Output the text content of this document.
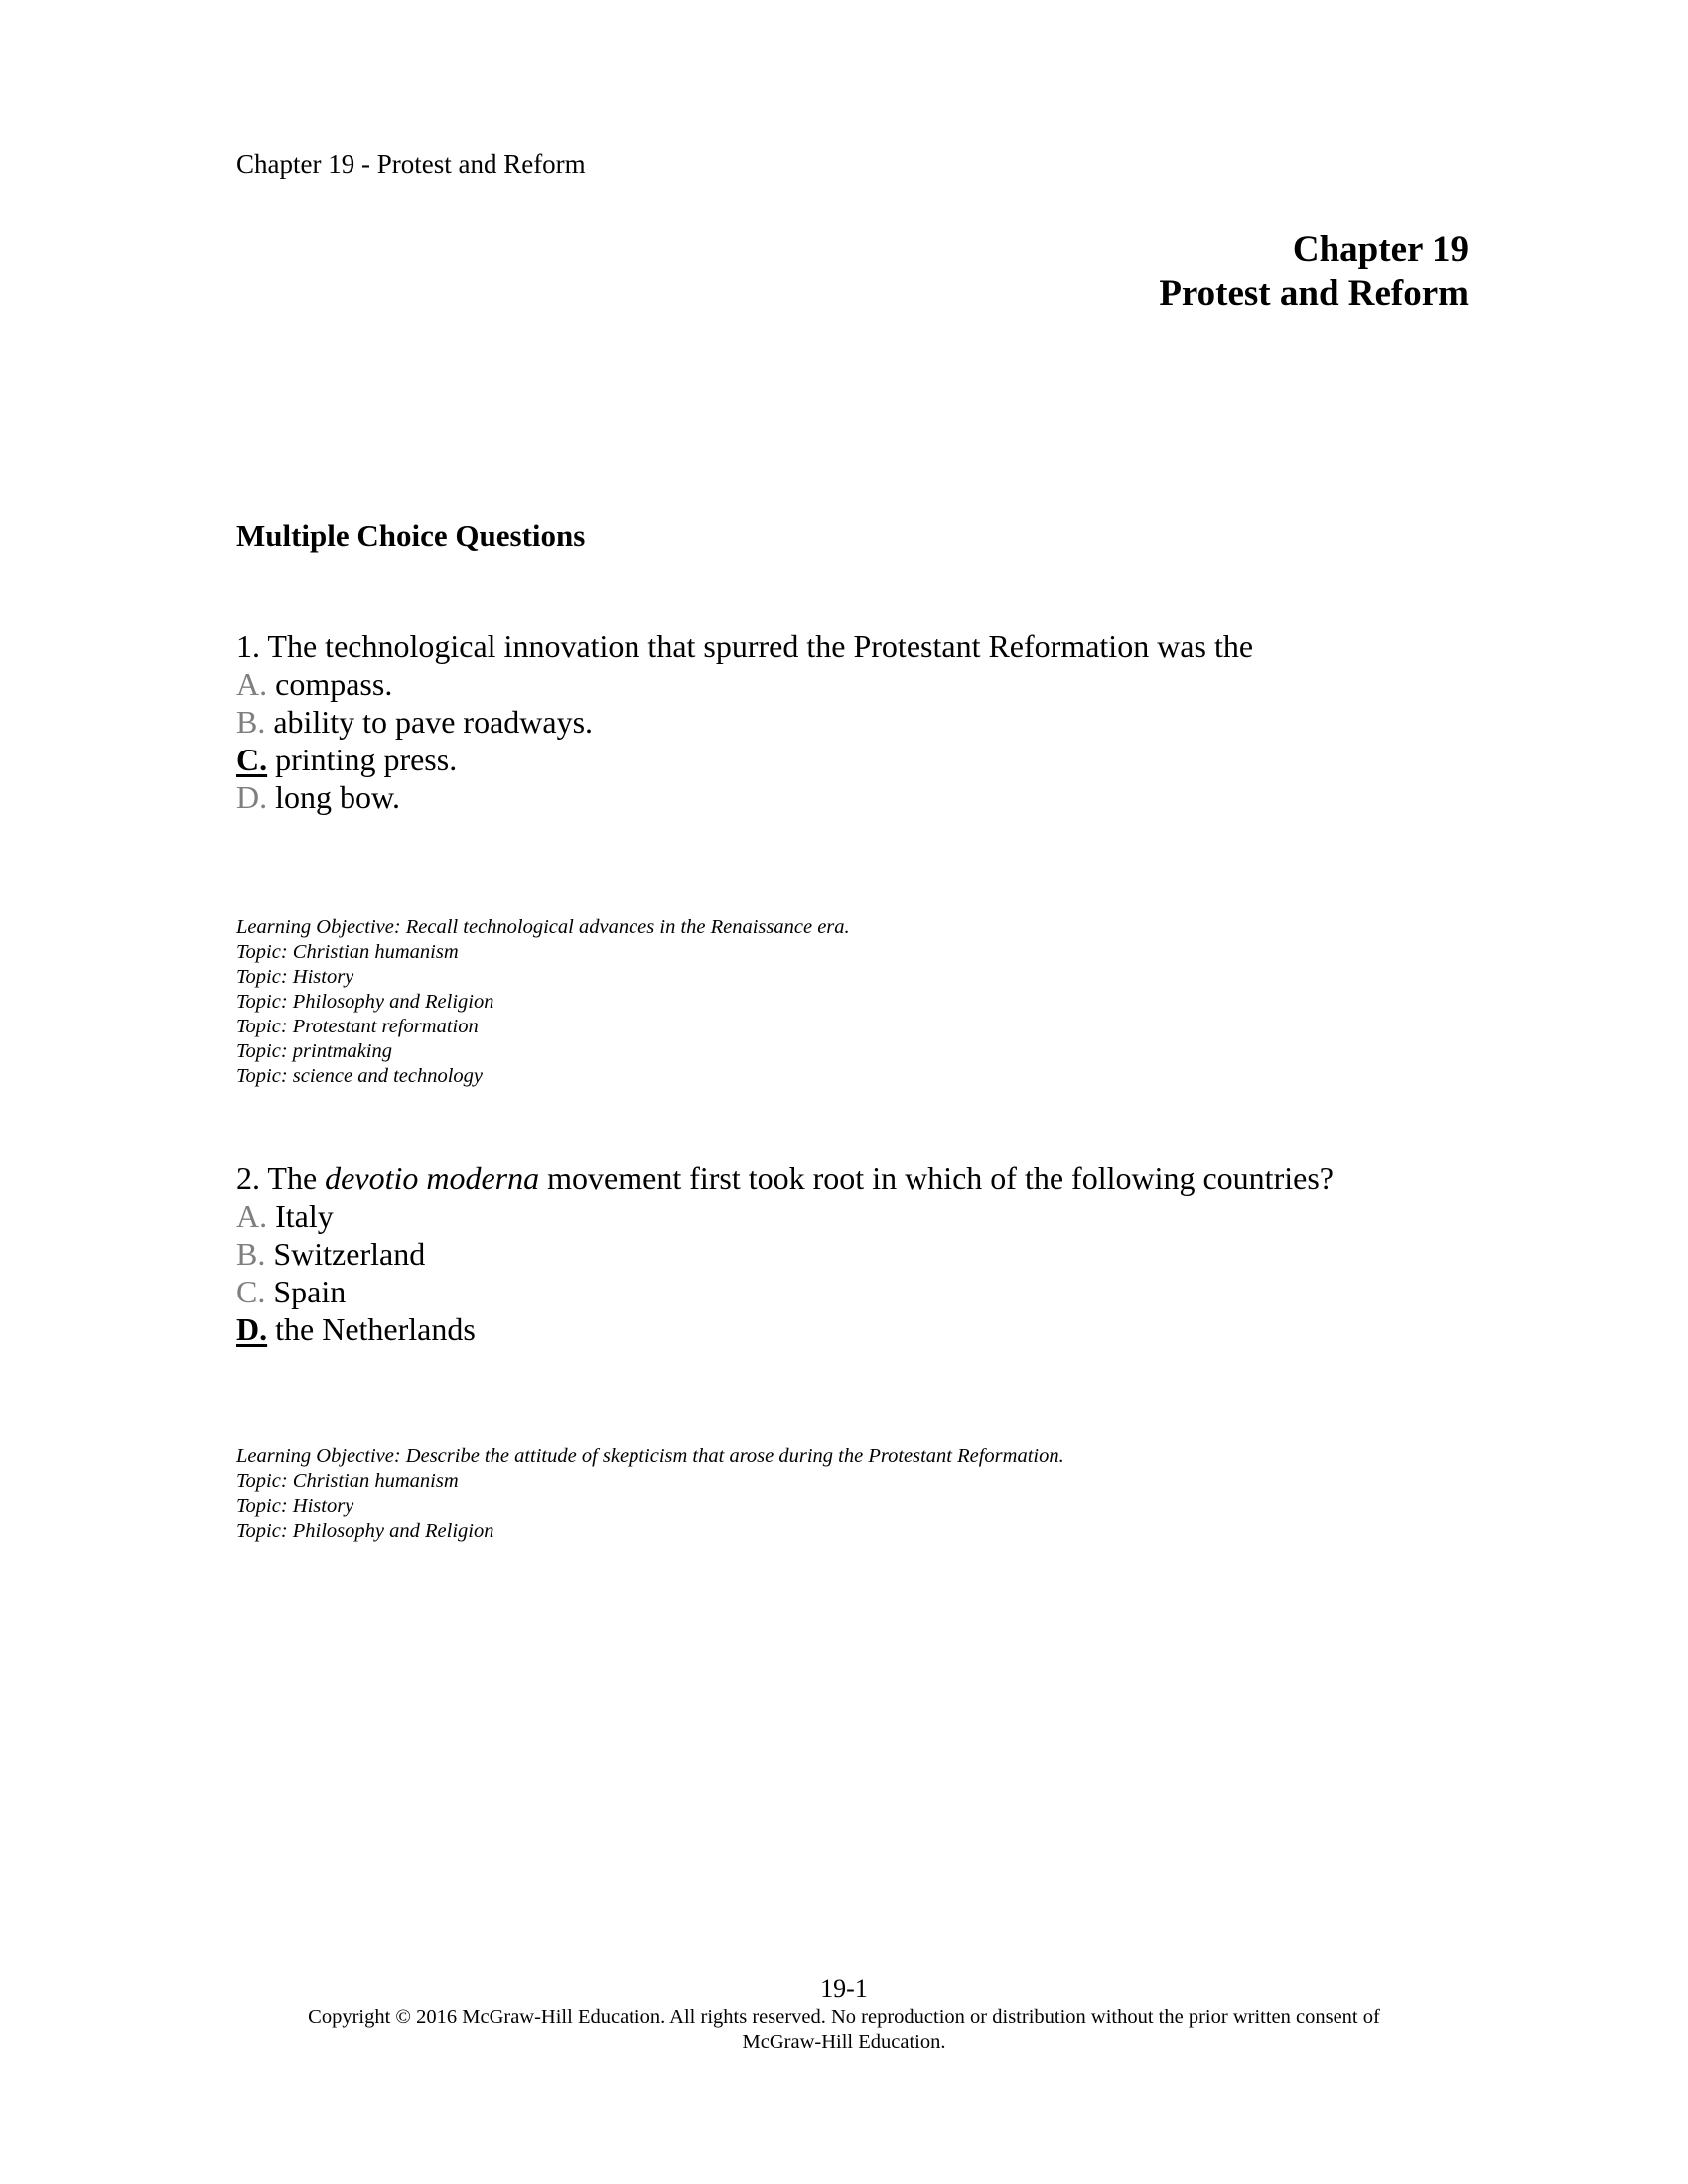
Chapter 19 - Protest and Reform
Chapter 19
Protest and Reform
Multiple Choice Questions
1. The technological innovation that spurred the Protestant Reformation was the
A. compass.
B. ability to pave roadways.
C. printing press.
D. long bow.
Learning Objective: Recall technological advances in the Renaissance era.
Topic: Christian humanism
Topic: History
Topic: Philosophy and Religion
Topic: Protestant reformation
Topic: printmaking
Topic: science and technology
2. The devotio moderna movement first took root in which of the following countries?
A. Italy
B. Switzerland
C. Spain
D. the Netherlands
Learning Objective: Describe the attitude of skepticism that arose during the Protestant Reformation.
Topic: Christian humanism
Topic: History
Topic: Philosophy and Religion
19-1
Copyright © 2016 McGraw-Hill Education. All rights reserved. No reproduction or distribution without the prior written consent of
McGraw-Hill Education.
